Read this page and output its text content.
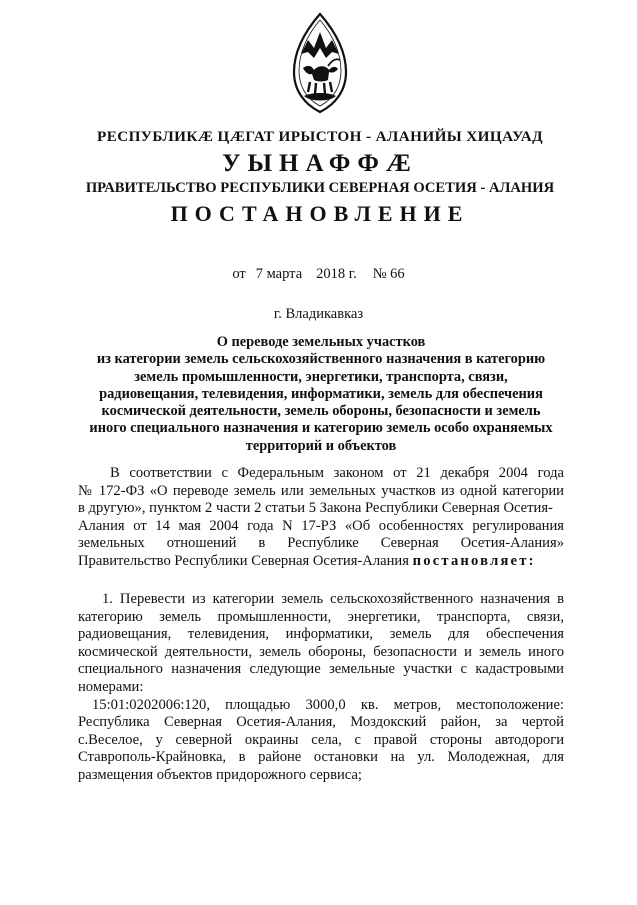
РЕСПУБЛИКÆ ЦÆГАТ ИРЫСТОН - АЛАНИЙЫ ХИЦАУАД
УЫНАФФÆ
ПРАВИТЕЛЬСТВО РЕСПУБЛИКИ СЕВЕРНАЯ ОСЕТИЯ - АЛАНИЯ
ПОСТАНОВЛЕНИЕ
от 7 марта 2018 г. № 66
г. Владикавказ
О переводе земельных участков
из категории земель сельскохозяйственного назначения в категорию
земель промышленности, энергетики, транспорта, связи,
радиовещания, телевидения, информатики, земель для обеспечения
космической деятельности, земель обороны, безопасности и земель
иного специального назначения и категорию земель особо охраняемых
территорий и объектов
В соответствии с Федеральным законом от 21 декабря 2004 года
№ 172-ФЗ «О переводе земель или земельных участков из одной категории
в другую», пунктом 2 части 2 статьи 5 Закона Республики Северная Осетия-
Алания от 14 мая 2004 года N 17-РЗ «Об особенностях регулирования
земельных отношений в Республике Северная Осетия-Алания»
Правительство Республики Северная Осетия-Алания постановляет:
1. Перевести из категории земель сельскохозяйственного назначения в
категорию земель промышленности, энергетики, транспорта, связи,
радиовещания, телевидения, информатики, земель для обеспечения
космической деятельности, земель обороны, безопасности и земель иного
специального назначения следующие земельные участки с кадастровыми
номерами:
15:01:0202006:120, площадью 3000,0 кв. метров, местоположение:
Республика Северная Осетия-Алания, Моздокский район, за чертой
с.Веселое, у северной окраины села, с правой стороны автодороги
Ставрополь-Крайновка, в районе остановки на ул. Молодежная, для
размещения объектов придорожного сервиса;
